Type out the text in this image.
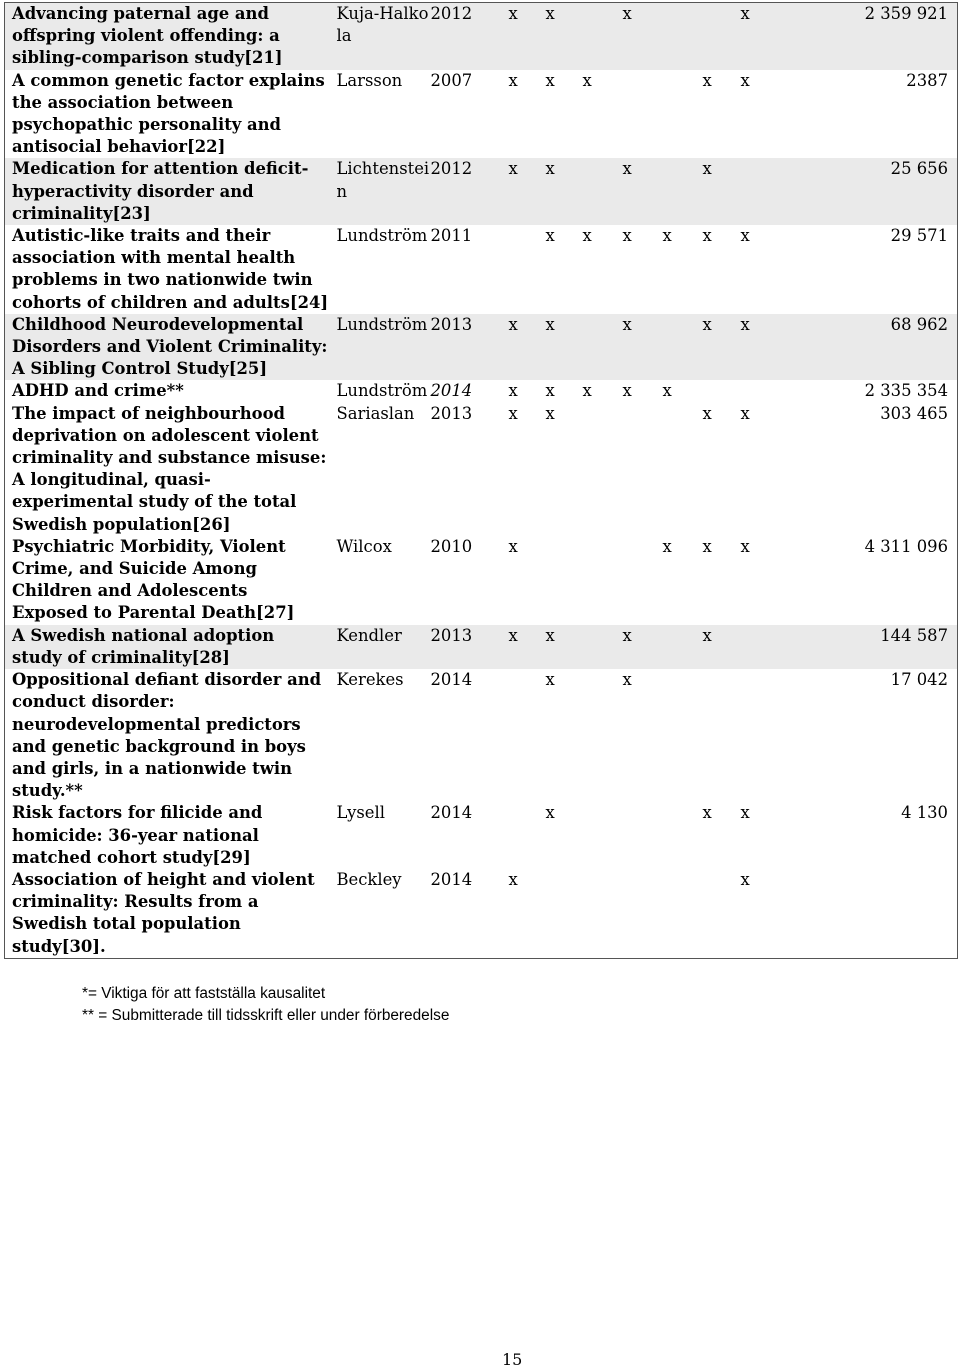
Advancing paternal age and offspring violent offending: a sibling-comparison study[21]	Kuja-Halkola	2012	x	x		x			x	2 359 921
A common genetic factor explains the association between psychopathic personality and antisocial behavior[22]	Larsson	2007	x	x	x			x	x	2387
Medication for attention deficit-hyperactivity disorder and criminality[23]	Lichtenstein	2012	x	x		x		x		25 656
Autistic-like traits and their association with mental health problems in two nationwide twin cohorts of children and adults[24]	Lundström	2011		x	x	x	x	x	x	29 571
Childhood Neurodevelopmental Disorders and Violent Criminality: A Sibling Control Study[25]	Lundström	2013	x	x		x		x	x	68 962
ADHD and crime**	Lundström	2014	x	x	x	x	x			2 335 354
The impact of neighbourhood deprivation on adolescent violent criminality and substance misuse: A longitudinal, quasi-experimental study of the total Swedish population[26]	Sariaslan	2013	x	x				x	x	303 465
Psychiatric Morbidity, Violent Crime, and Suicide Among Children and Adolescents Exposed to Parental Death[27]	Wilcox	2010	x				x	x	x	4 311 096
A Swedish national adoption study of criminality[28]	Kendler	2013	x	x		x		x		144 587
Oppositional defiant disorder and conduct disorder: neurodevelopmental predictors and genetic background in boys and girls, in a nationwide twin study.**	Kerekes	2014		x		x				17 042
Risk factors for filicide and homicide: 36-year national matched cohort study[29]	Lysell	2014		x				x	x	4 130
Association of height and violent criminality: Results from a Swedish total population study[30].	Beckley	2014	x						x	
*= Viktiga för att fastställa kausalitet
** = Submitterade till tidsskrift eller under förberedelse
15
